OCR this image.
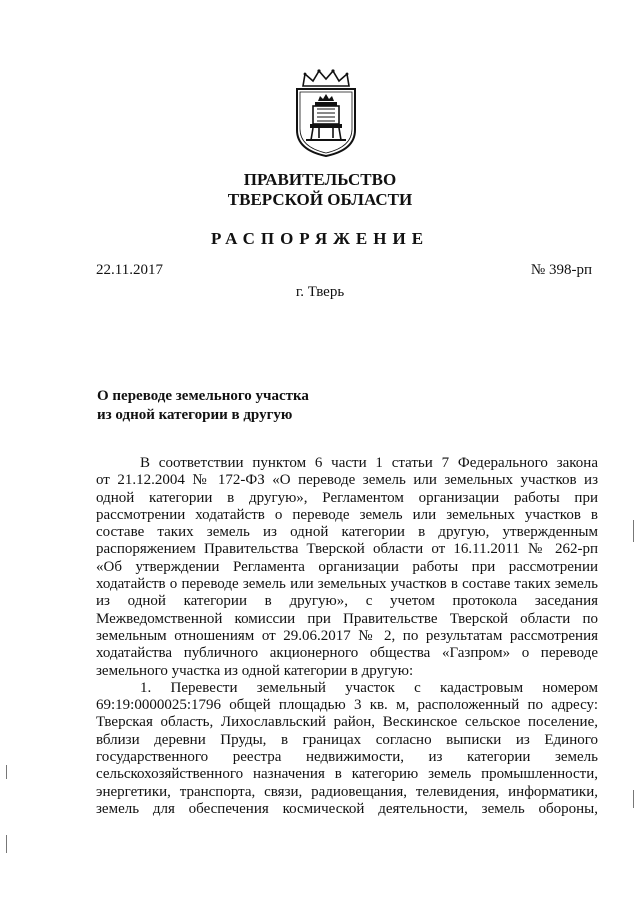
ПРАВИТЕЛЬСТВО
ТВЕРСКОЙ ОБЛАСТИ
РАСПОРЯЖЕНИЕ
22.11.2017	№ 398-рп
г. Тверь
О переводе земельного участка
из одной категории в другую

В соответствии пунктом 6 части 1 статьи 7 Федерального закона

от 21.12.2004 № 172-ФЗ «О переводе земель или земельных участков из

одной категории в другую», Регламентом организации работы при

рассмотрении ходатайств о переводе земель или земельных участков в

составе таких земель из одной категории в другую, утвержденным

распоряжением Правительства Тверской области от 16.11.2011 № 262-рп

«Об утверждении Регламента организации работы при рассмотрении

ходатайств о переводе земель или земельных участков в составе таких земель

из одной категории в другую», с учетом протокола заседания

Межведомственной комиссии при Правительстве Тверской области по

земельным отношениям от 29.06.2017 № 2, по результатам рассмотрения

ходатайства публичного акционерного общества «Газпром» о переводе

земельного участка из одной категории в другую:

1. Перевести земельный участок с кадастровым номером

69:19:0000025:1796 общей площадью 3 кв. м, расположенный по адресу:

Тверская область, Лихославльский район, Вескинское сельское поселение,

вблизи деревни Пруды, в границах согласно выписки из Единого

государственного реестра недвижимости, из категории земель

сельскохозяйственного назначения в категорию земель промышленности,

энергетики, транспорта, связи, радиовещания, телевидения, информатики,

земель для обеспечения космической деятельности, земель обороны,
